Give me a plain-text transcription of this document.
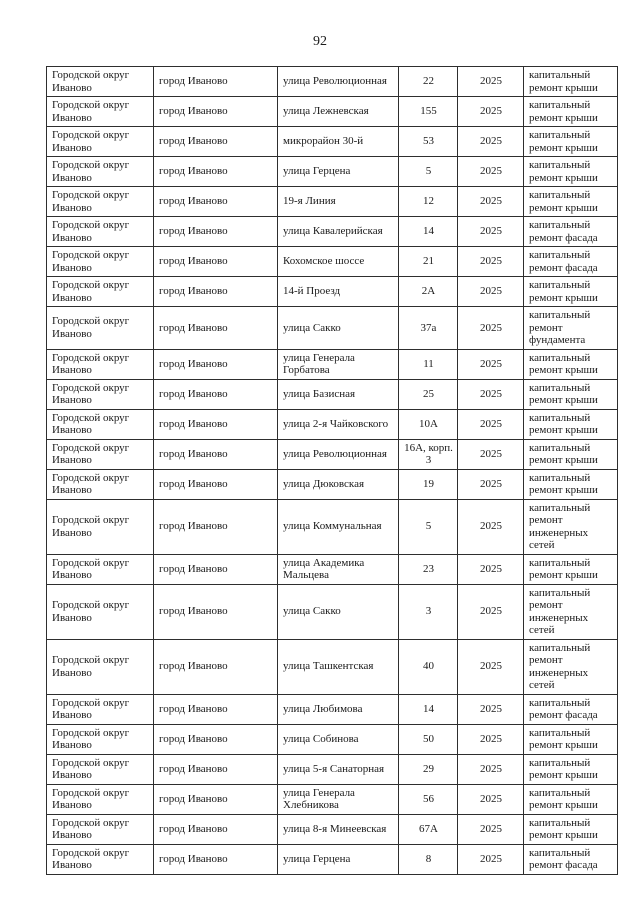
92
Городской округ Иваново	город Иваново	улица Революционная	22	2025	капитальный ремонт крыши
Городской округ Иваново	город Иваново	улица Лежневская	155	2025	капитальный ремонт крыши
Городской округ Иваново	город Иваново	микрорайон 30-й	53	2025	капитальный ремонт крыши
Городской округ Иваново	город Иваново	улица Герцена	5	2025	капитальный ремонт крыши
Городской округ Иваново	город Иваново	19-я Линия	12	2025	капитальный ремонт крыши
Городской округ Иваново	город Иваново	улица Кавалерийская	14	2025	капитальный ремонт фасада
Городской округ Иваново	город Иваново	Кохомское шоссе	21	2025	капитальный ремонт фасада
Городской округ Иваново	город Иваново	14-й Проезд	2А	2025	капитальный ремонт крыши
Городской округ Иваново	город Иваново	улица Сакко	37а	2025	капитальный ремонт фундамента
Городской округ Иваново	город Иваново	улица Генерала Горбатова	11	2025	капитальный ремонт крыши
Городской округ Иваново	город Иваново	улица Базисная	25	2025	капитальный ремонт крыши
Городской округ Иваново	город Иваново	улица 2-я Чайковского	10А	2025	капитальный ремонт крыши
Городской округ Иваново	город Иваново	улица Революционная	16А, корп. 3	2025	капитальный ремонт крыши
Городской округ Иваново	город Иваново	улица Дюковская	19	2025	капитальный ремонт крыши
Городской округ Иваново	город Иваново	улица Коммунальная	5	2025	капитальный ремонт инженерных сетей
Городской округ Иваново	город Иваново	улица Академика Мальцева	23	2025	капитальный ремонт крыши
Городской округ Иваново	город Иваново	улица Сакко	3	2025	капитальный ремонт инженерных сетей
Городской округ Иваново	город Иваново	улица Ташкентская	40	2025	капитальный ремонт инженерных сетей
Городской округ Иваново	город Иваново	улица Любимова	14	2025	капитальный ремонт фасада
Городской округ Иваново	город Иваново	улица Собинова	50	2025	капитальный ремонт крыши
Городской округ Иваново	город Иваново	улица 5-я Санаторная	29	2025	капитальный ремонт крыши
Городской округ Иваново	город Иваново	улица Генерала Хлебникова	56	2025	капитальный ремонт крыши
Городской округ Иваново	город Иваново	улица 8-я Минеевская	67А	2025	капитальный ремонт крыши
Городской округ Иваново	город Иваново	улица Герцена	8	2025	капитальный ремонт фасада
